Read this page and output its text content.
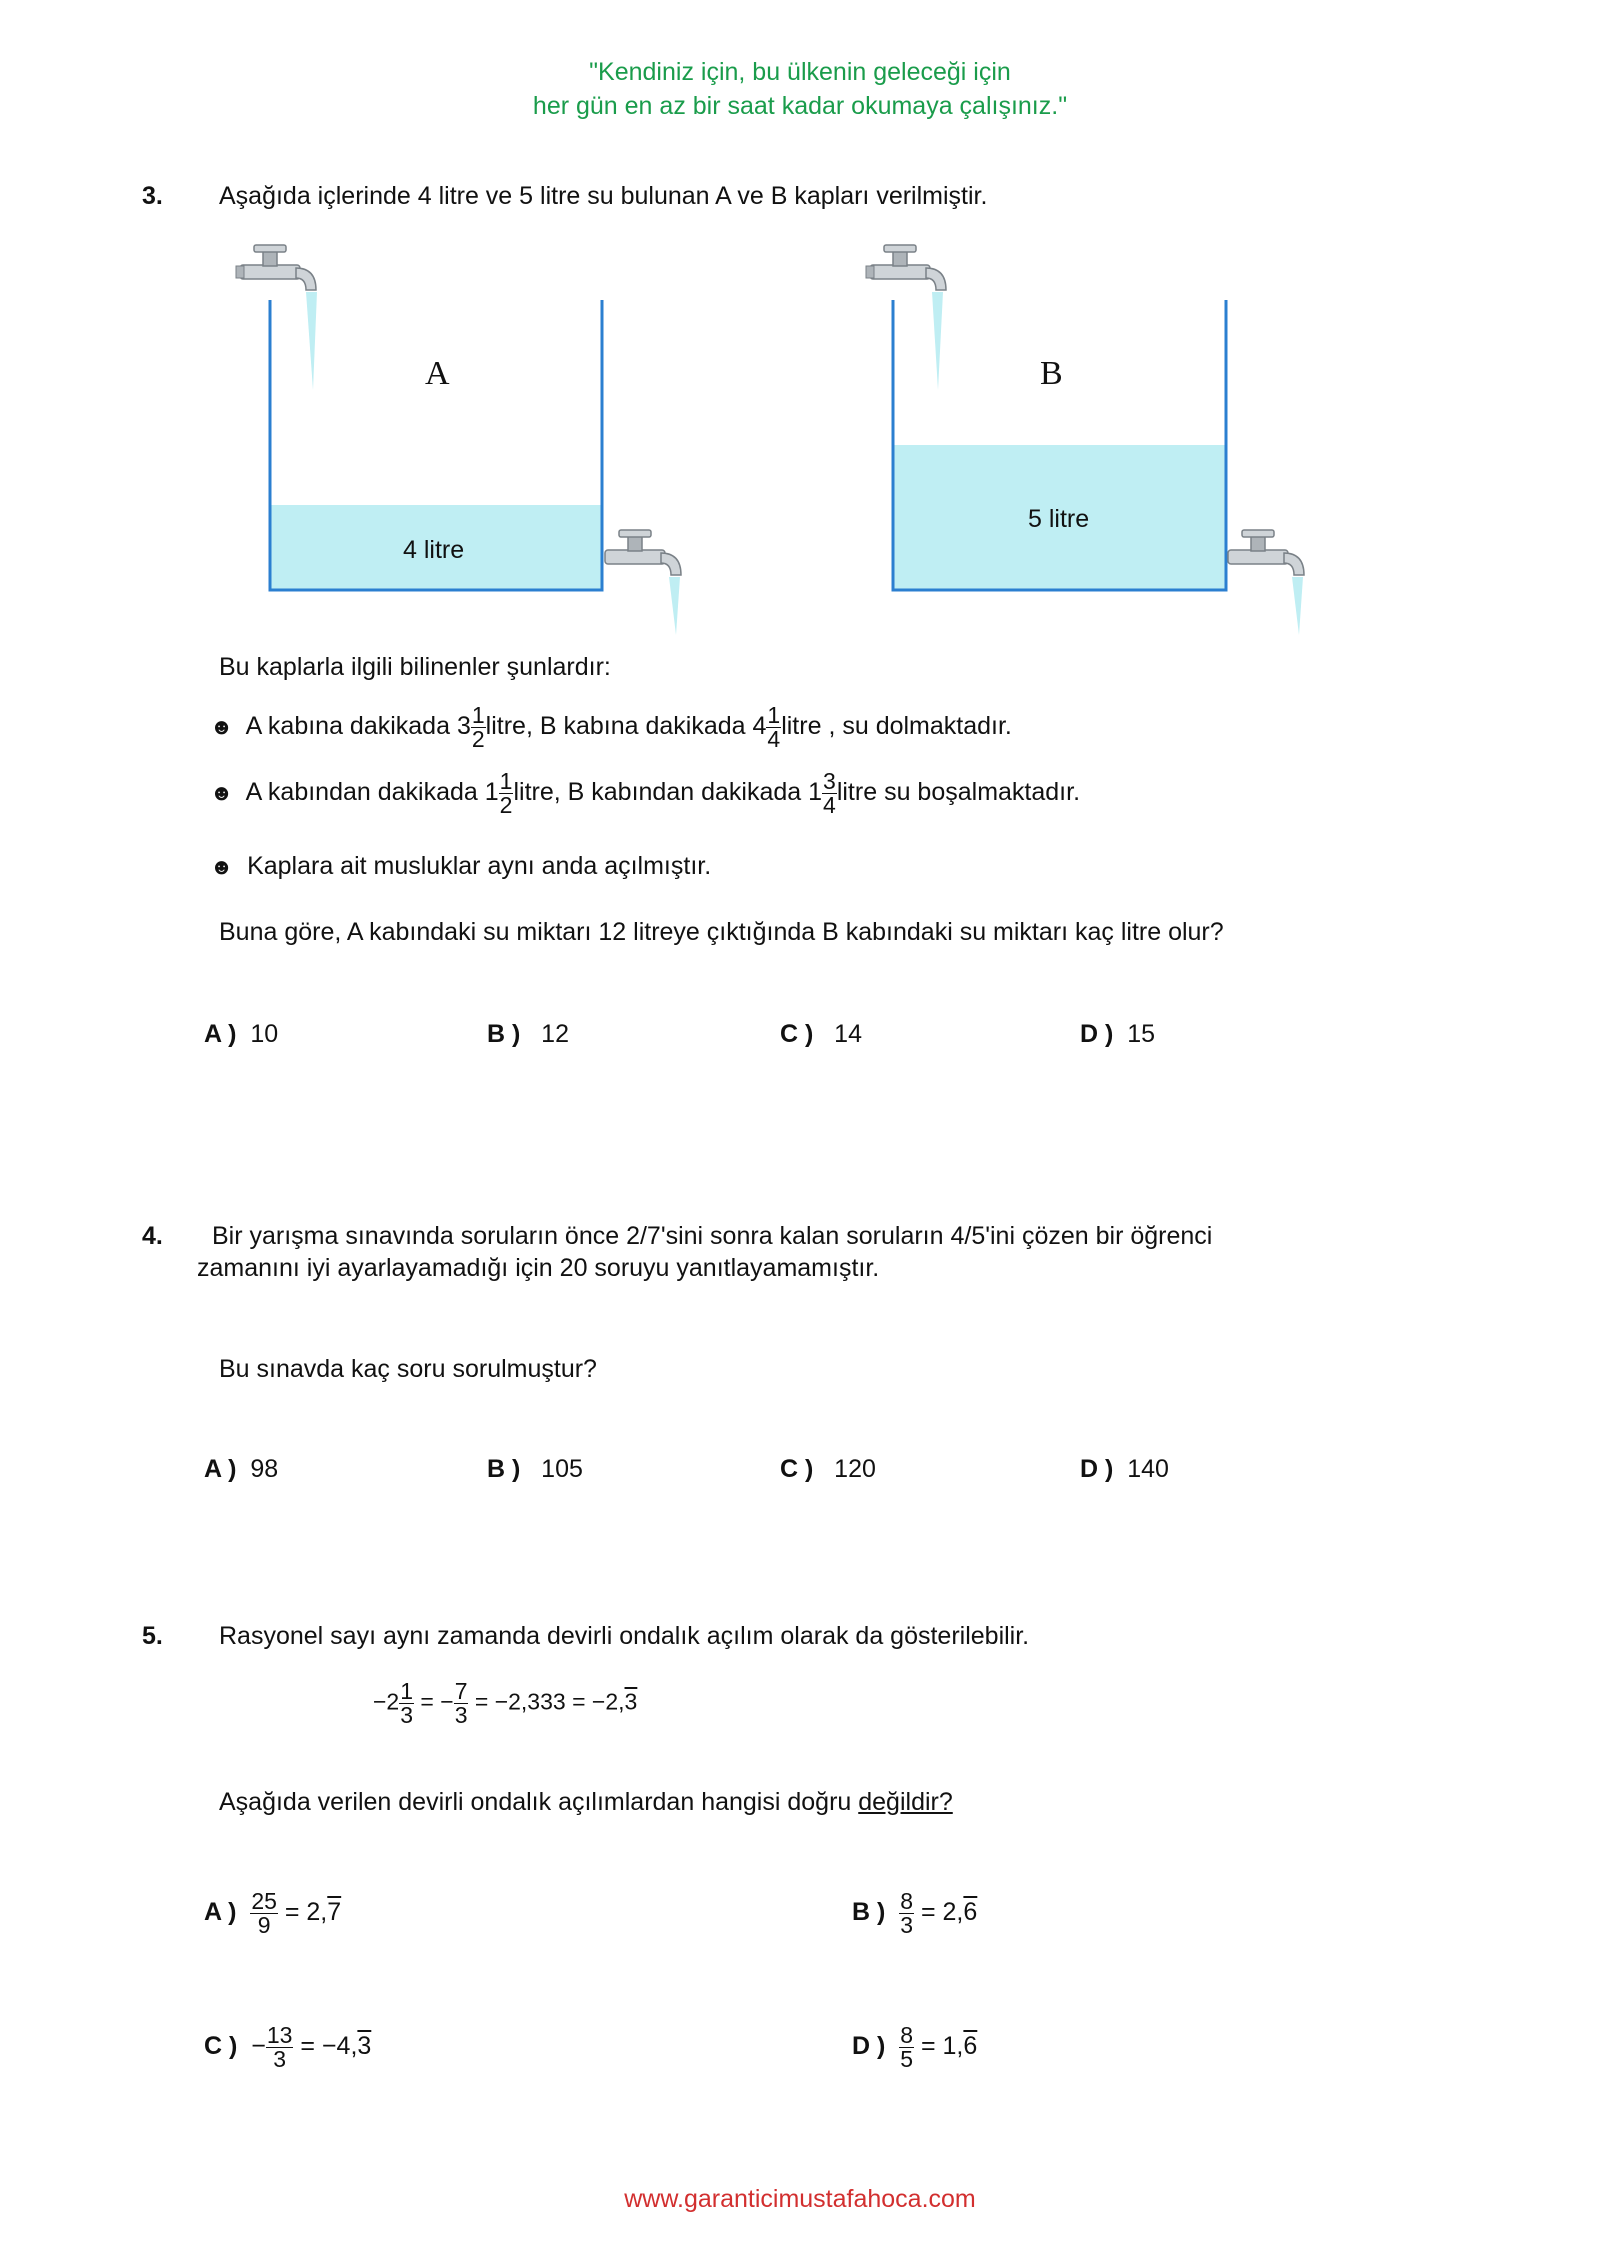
"Kendiniz için, bu ülkenin geleceği için
her gün en az bir saat kadar okumaya çalışınız."
3. Aşağıda içlerinde 4 litre ve 5 litre su bulunan A ve B kapları verilmiştir.
A	B
4 litre
5 litre
Bu kaplarla ilgili bilinenler şunlardır:
☻ A kabına dakikada $3 \frac{1}{2}$ litre, B kabına dakikada $4 \frac{1}{4}$ litre , su dolmaktadır.
☻ A kabından dakikada $1 \frac{1}{2}$ litre, B kabından dakikada $1 \frac{3}{4}$ litre su boşalmaktadır.
☻ Kaplara ait musluklar aynı anda açılmıştır.
Buna göre, A kabındaki su miktarı 12 litreye çıktığında B kabındaki su miktarı kaç litre olur?
A ) 10	B ) 12	C ) 14	D ) 15
4. Bir yarışma sınavında soruların önce 2/7'sini sonra kalan soruların 4/5'ini çözen bir öğrenci
zamanını iyi ayarlayamadığı için 20 soruyu yanıtlayamamıştır.
Bu sınavda kaç soru sorulmuştur?
A ) 98	B ) 105	C ) 120	D ) 140
5. Rasyonel sayı aynı zamanda devirli ondalık açılım olarak da gösterilebilir.
$-2 \frac{1}{3}$ = − $\frac{7}{3} = -2,333 = -2,3$
Aşağıda verilen devirli ondalık açılımlardan hangisi doğru değildir?
A ) $\frac{25}{9} = 2,7$	B ) $\frac{8}{3} = 2,6$
C ) − $\frac{13}{3} = -4,3$	D ) $\frac{8}{5} = 1,6$
www.garanticimustafahoca.com
